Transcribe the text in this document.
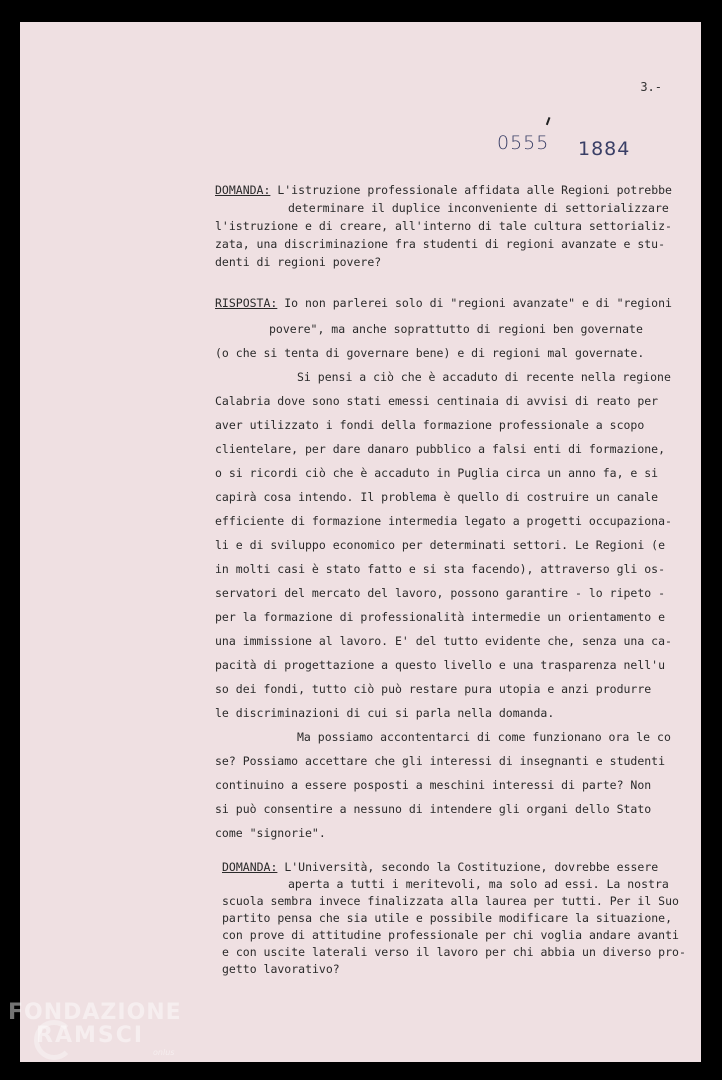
3.-
0555 1884

DOMANDA: L'istruzione professionale affidata alle Regioni potrebbe

determinare il duplice inconveniente di settorializzare

l'istruzione e di creare, all'interno di tale cultura settorializ-

zata, una discriminazione fra studenti di regioni avanzate e stu-

denti di regioni povere?

RISPOSTA: Io non parlerei solo di "regioni avanzate" e di "regioni

povere", ma anche soprattutto di regioni ben governate

(o che si tenta di governare bene) e di regioni mal governate.

Si pensi a ciò che è accaduto di recente nella regione

Calabria dove sono stati emessi centinaia di avvisi di reato per

aver utilizzato i fondi della formazione professionale a scopo

clientelare, per dare danaro pubblico a falsi enti di formazione,

o si ricordi ciò che è accaduto in Puglia circa un anno fa, e si

capirà cosa intendo. Il problema è quello di costruire un canale

efficiente di formazione intermedia legato a progetti occupaziona-

li e di sviluppo economico per determinati settori. Le Regioni (e

in molti casi è stato fatto e si sta facendo), attraverso gli os-

servatori del mercato del lavoro, possono garantire - lo ripeto -

per la formazione di professionalità intermedie un orientamento e

una immissione al lavoro. E' del tutto evidente che, senza una ca-

pacità di progettazione a questo livello e una trasparenza nell'u

so dei fondi, tutto ciò può restare pura utopia e anzi produrre

le discriminazioni di cui si parla nella domanda.

Ma possiamo accontentarci di come funzionano ora le co

se? Possiamo accettare che gli interessi di insegnanti e studenti

continuino a essere posposti a meschini interessi di parte? Non

si può consentire a nessuno di intendere gli organi dello Stato

come "signorie".

DOMANDA: L'Università, secondo la Costituzione, dovrebbe essere

aperta a tutti i meritevoli, ma solo ad essi. La nostra

scuola sembra invece finalizzata alla laurea per tutti. Per il Suo

partito pensa che sia utile e possibile modificare la situazione,

con prove di attitudine professionale per chi voglia andare avanti

e con uscite laterali verso il lavoro per chi abbia un diverso pro-

getto lavorativo?

FONDAZIONE
RAMSCI
onlus
